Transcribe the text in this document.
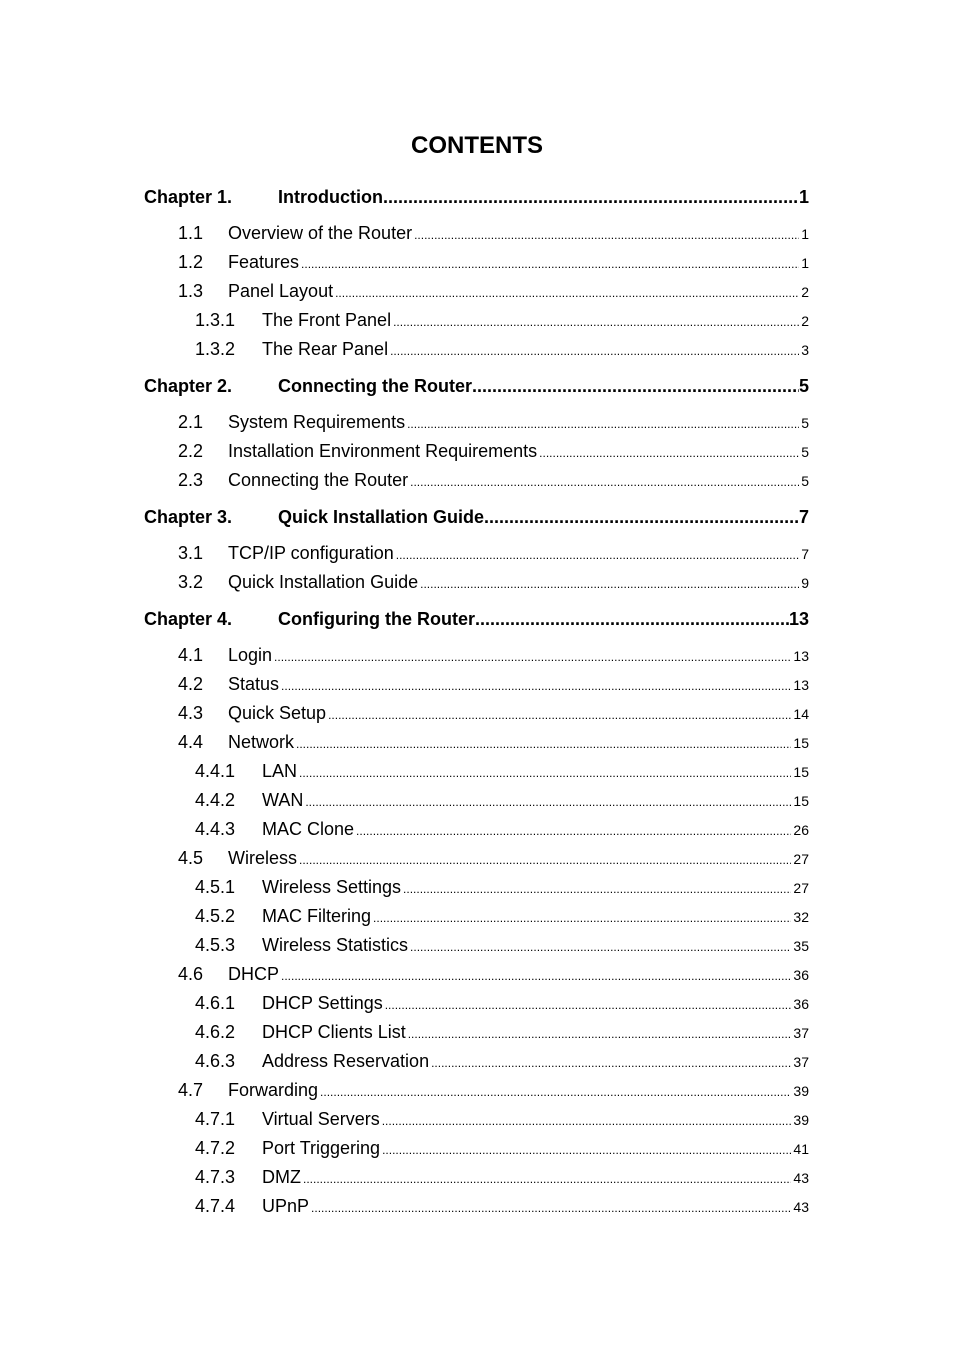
CONTENTS
Chapter 1.	Introduction .....	1
1.1	Overview of the Router .....	1
1.2	Features .....	1
1.3	Panel Layout .....	2
1.3.1	The Front Panel .....	2
1.3.2	The Rear Panel .....	3
Chapter 2.	Connecting the Router .....	5
2.1	System Requirements .....	5
2.2	Installation Environment Requirements .....	5
2.3	Connecting the Router .....	5
Chapter 3.	Quick Installation Guide .....	7
3.1	TCP/IP configuration .....	7
3.2	Quick Installation Guide .....	9
Chapter 4.	Configuring the Router .....	13
4.1	Login .....	13
4.2	Status .....	13
4.3	Quick Setup .....	14
4.4	Network .....	15
4.4.1	LAN .....	15
4.4.2	WAN .....	15
4.4.3	MAC Clone .....	26
4.5	Wireless .....	27
4.5.1	Wireless Settings .....	27
4.5.2	MAC Filtering .....	32
4.5.3	Wireless Statistics .....	35
4.6	DHCP .....	36
4.6.1	DHCP Settings .....	36
4.6.2	DHCP Clients List .....	37
4.6.3	Address Reservation .....	37
4.7	Forwarding .....	39
4.7.1	Virtual Servers .....	39
4.7.2	Port Triggering .....	41
4.7.3	DMZ .....	43
4.7.4	UPnP .....	43
